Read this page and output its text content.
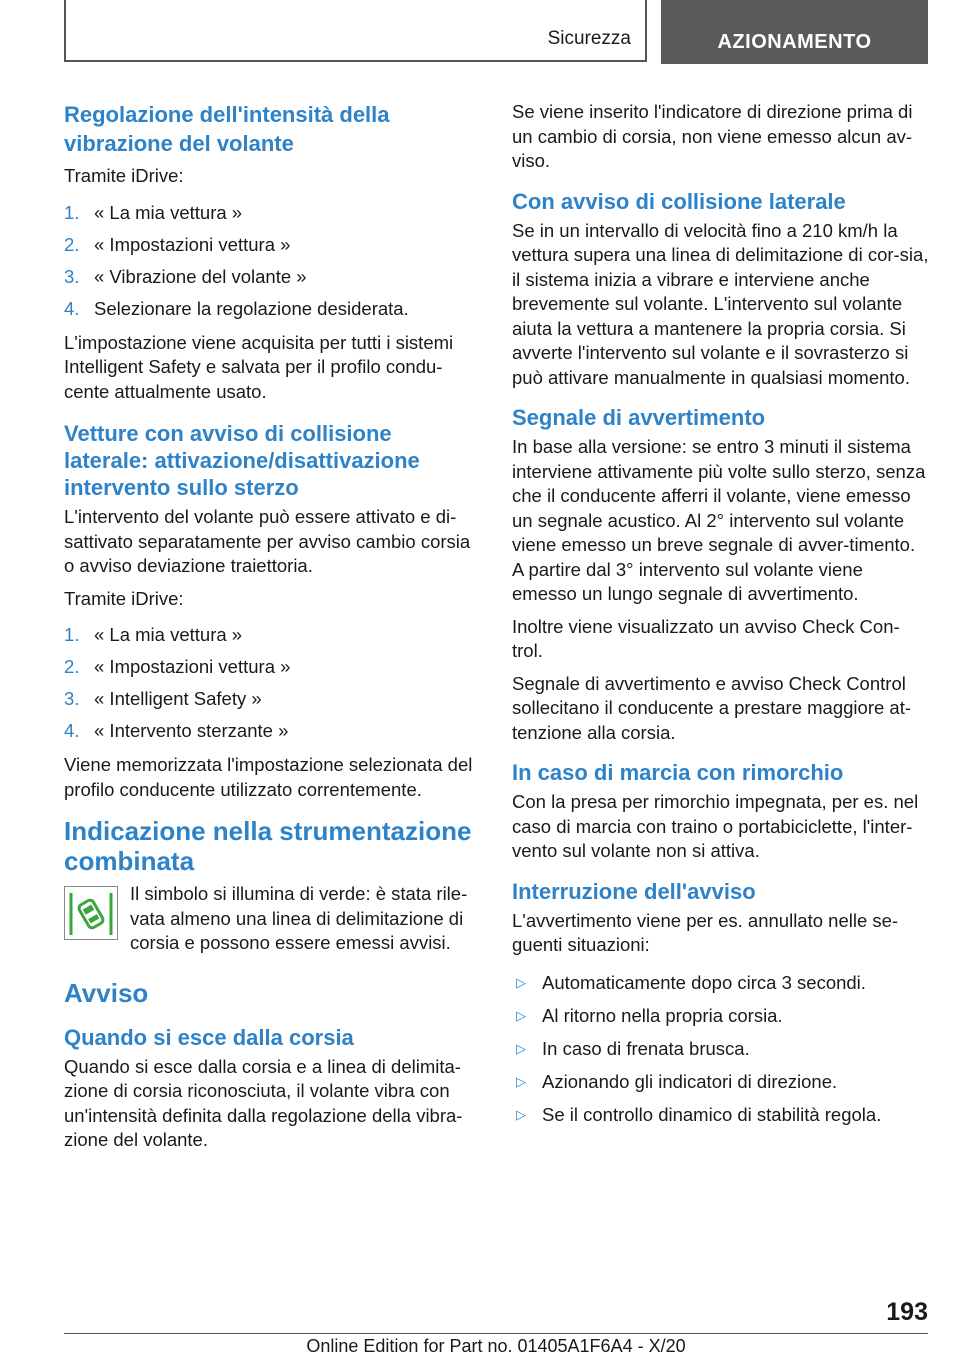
Sicurezza	AZIONAMENTO
Regolazione dell'intensità della vibrazione del volante

Tramite iDrive:

1. « La mia vettura »
2. « Impostazioni vettura »
3. « Vibrazione del volante »
4. Selezionare la regolazione desiderata.

L'impostazione viene acquisita per tutti i sistemi Intelligent Safety e salvata per il profilo condu-cente attualmente usato.

Vetture con avviso di collisione laterale: attivazione/disattivazione intervento sullo sterzo

L'intervento del volante può essere attivato e di-sattivato separatamente per avviso cambio corsia o avviso deviazione traiettoria.

Tramite iDrive:

1. « La mia vettura »
2. « Impostazioni vettura »
3. « Intelligent Safety »
4. « Intervento sterzante »

Viene memorizzata l'impostazione selezionata del profilo conducente utilizzato correntemente.

Indicazione nella strumentazione combinata

Il simbolo si illumina di verde: è stata rile-vata almeno una linea di delimitazione di corsia e possono essere emessi avvisi.

Avviso
Quando si esce dalla corsia

Quando si esce dalla corsia e a linea di delimita-zione di corsia riconosciuta, il volante vibra con un'intensità definita dalla regolazione della vibra-zione del volante.

Se viene inserito l'indicatore di direzione prima di un cambio di corsia, non viene emesso alcun av-viso.

Con avviso di collisione laterale

Se in un intervallo di velocità fino a 210 km/h la vettura supera una linea di delimitazione di cor-sia, il sistema inizia a vibrare e interviene anche brevemente sul volante. L'intervento sul volante aiuta la vettura a mantenere la propria corsia. Si avverte l'intervento sul volante e il sovrasterzo si può attivare manualmente in qualsiasi momento.

Segnale di avvertimento

In base alla versione: se entro 3 minuti il sistema interviene attivamente più volte sullo sterzo, senza che il conducente afferri il volante, viene emesso un segnale acustico. Al 2° intervento sul volante viene emesso un breve segnale di avver-timento. A partire dal 3° intervento sul volante viene emesso un lungo segnale di avvertimento.

Inoltre viene visualizzato un avviso Check Con-trol.

Segnale di avvertimento e avviso Check Control sollecitano il conducente a prestare maggiore at-tenzione alla corsia.

In caso di marcia con rimorchio

Con la presa per rimorchio impegnata, per es. nel caso di marcia con traino o portabiciclette, l'inter-vento sul volante non si attiva.

Interruzione dell'avviso

L'avvertimento viene per es. annullato nelle se-guenti situazioni:

▷ Automaticamente dopo circa 3 secondi.
▷ Al ritorno nella propria corsia.
▷ In caso di frenata brusca.
▷ Azionando gli indicatori di direzione.
▷ Se il controllo dinamico di stabilità regola.
193
Online Edition for Part no. 01405A1F6A4 - X/20
